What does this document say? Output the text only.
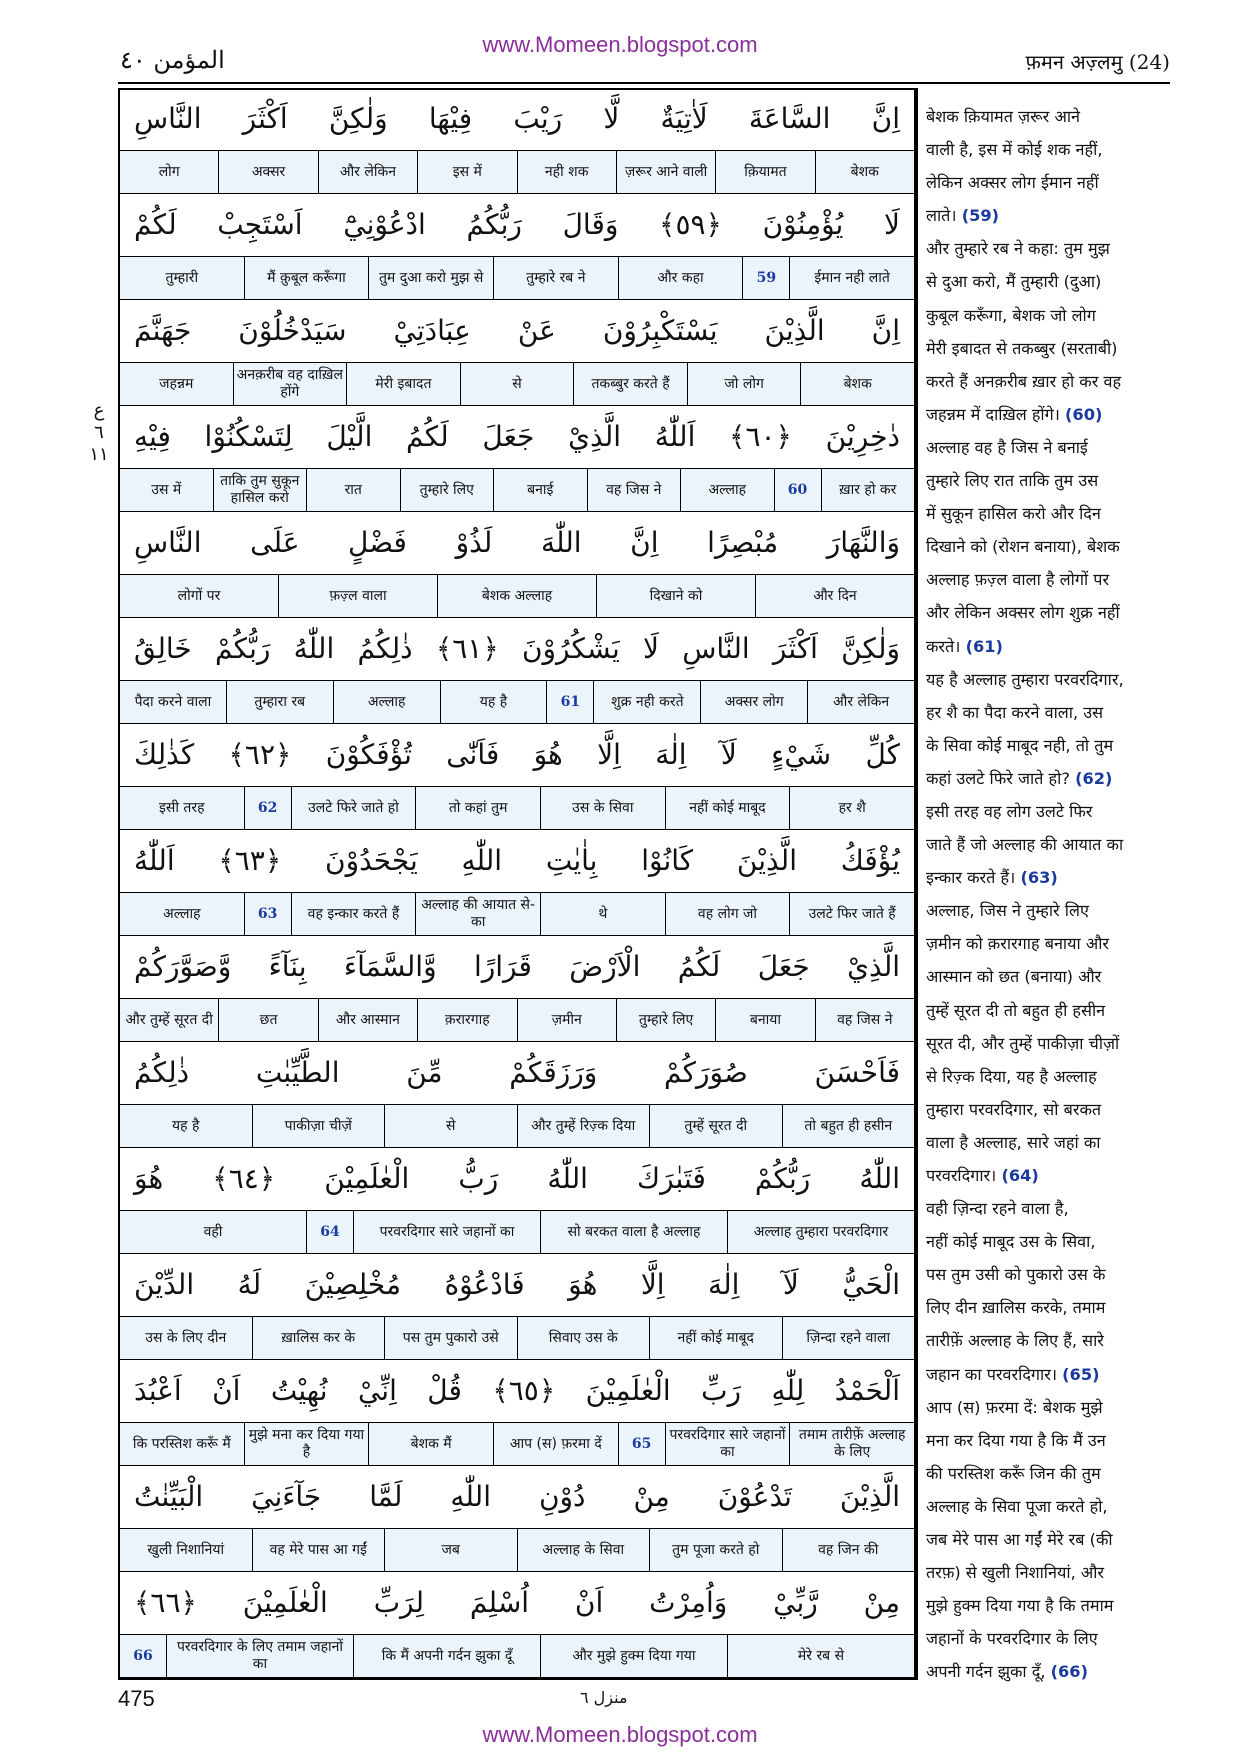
www.Momeen.blogspot.com
المؤمن ٤٠	फ़मन अज़्लमु (24)
ع
٦
١١
اِنَّ السَّاعَةَ لَاٰتِيَةٌ لَّا رَيْبَ فِيْهَا وَلٰكِنَّ اَكْثَرَ النَّاسِ
बेशक
क़ियामत
ज़रूर आने वाली
नही शक
इस में
और लेकिन
अक्सर
लोग
لَا يُؤْمِنُوْنَ ﴿٥٩﴾ وَقَالَ رَبُّكُمُ ادْعُوْنِيْٓ اَسْتَجِبْ لَكُمْ
ईमान नही लाते
59
और कहा
तुम्हारे रब ने
तुम दुआ करो मुझ से
मैं क़ुबूल करूँगा
तुम्हारी
اِنَّ الَّذِيْنَ يَسْتَكْبِرُوْنَ عَنْ عِبَادَتِيْ سَيَدْخُلُوْنَ جَهَنَّمَ
बेशक
जो लोग
तकब्बुर करते हैं
से
मेरी इबादत
अनक़रीब वह दाख़िल होंगे
जहन्नम
دٰخِرِيْنَ ﴿٦٠﴾ اَللّٰهُ الَّذِيْ جَعَلَ لَكُمُ الَّيْلَ لِتَسْكُنُوْا فِيْهِ
ख़ार हो कर
60
अल्लाह
वह जिस ने
बनाई
तुम्हारे लिए
रात
ताकि तुम सुकून हासिल करो
उस में
وَالنَّهَارَ مُبْصِرًا اِنَّ اللّٰهَ لَذُوْ فَضْلٍ عَلَى النَّاسِ
और दिन
दिखाने को
बेशक अल्लाह
फ़ज़्ल वाला
लोगों पर
وَلٰكِنَّ اَكْثَرَ النَّاسِ لَا يَشْكُرُوْنَ ﴿٦١﴾ ذٰلِكُمُ اللّٰهُ رَبُّكُمْ خَالِقُ
और लेकिन
अक्सर लोग
शुक्र नही करते
61
यह है
अल्लाह
तुम्हारा रब
पैदा करने वाला
كُلِّ شَيْءٍ لَآ اِلٰهَ اِلَّا هُوَ فَاَنّٰى تُؤْفَكُوْنَ ﴿٦٢﴾ كَذٰلِكَ
हर शै
नहीं कोई माबूद
उस के सिवा
तो कहां तुम
उलटे फिरे जाते हो
62
इसी तरह
يُؤْفَكُ الَّذِيْنَ كَانُوْا بِاٰيٰتِ اللّٰهِ يَجْحَدُوْنَ ﴿٦٣﴾ اَللّٰهُ
उलटे फिर जाते हैं
वह लोग जो
थे
अल्लाह की आयात से-का
वह इन्कार करते हैं
63
अल्लाह
الَّذِيْ جَعَلَ لَكُمُ الْاَرْضَ قَرَارًا وَّالسَّمَآءَ بِنَآءً وَّصَوَّرَكُمْ
वह जिस ने
बनाया
तुम्हारे लिए
ज़मीन
क़रारगाह
और आस्मान
छत
और तुम्हें सूरत दी
فَاَحْسَنَ صُوَرَكُمْ وَرَزَقَكُمْ مِّنَ الطَّيِّبٰتِ ذٰلِكُمُ
तो बहुत ही हसीन
तुम्हें सूरत दी
और तुम्हें रिज़्क दिया
से
पाकीज़ा चीज़ें
यह है
اللّٰهُ رَبُّكُمْ فَتَبٰرَكَ اللّٰهُ رَبُّ الْعٰلَمِيْنَ ﴿٦٤﴾ هُوَ
अल्लाह तुम्हारा परवरदिगार
सो बरकत वाला है अल्लाह
परवरदिगार सारे जहानों का
64
वही
الْحَيُّ لَآ اِلٰهَ اِلَّا هُوَ فَادْعُوْهُ مُخْلِصِيْنَ لَهُ الدِّيْنَ
ज़िन्दा रहने वाला
नहीं कोई माबूद
सिवाए उस के
पस तुम पुकारो उसे
ख़ालिस कर के
उस के लिए दीन
اَلْحَمْدُ لِلّٰهِ رَبِّ الْعٰلَمِيْنَ ﴿٦٥﴾ قُلْ اِنِّيْ نُهِيْتُ اَنْ اَعْبُدَ
तमाम तारीफ़ें अल्लाह के लिए
परवरदिगार सारे जहानों का
65
आप (स) फ़रमा दें
बेशक मैं
मुझे मना कर दिया गया है
कि परस्तिश करूँ मैं
الَّذِيْنَ تَدْعُوْنَ مِنْ دُوْنِ اللّٰهِ لَمَّا جَآءَنِيَ الْبَيِّنٰتُ
वह जिन की
तुम पूजा करते हो
अल्लाह के सिवा
जब
वह मेरे पास आ गईं
खुली निशानियां
مِنْ رَّبِّيْ وَاُمِرْتُ اَنْ اُسْلِمَ لِرَبِّ الْعٰلَمِيْنَ ﴿٦٦﴾
मेरे रब से
और मुझे हुक्म दिया गया
कि मैं अपनी गर्दन झुका दूँ
परवरदिगार के लिए तमाम जहानों का
66
बेशक क़ियामत ज़रूर आने
वाली है, इस में कोई शक नहीं,
लेकिन अक्सर लोग ईमान नहीं
लाते। (59)
और तुम्हारे रब ने कहा: तुम मुझ
से दुआ करो, मैं तुम्हारी (दुआ)
कुबूल करूँगा, बेशक जो लोग
मेरी इबादत से तकब्बुर (सरताबी)
करते हैं अनक़रीब ख़ार हो कर वह
जहन्नम में दाख़िल होंगे। (60)
अल्लाह वह है जिस ने बनाई
तुम्हारे लिए रात ताकि तुम उस
में सुकून हासिल करो और दिन
दिखाने को (रोशन बनाया), बेशक
अल्लाह फ़ज़्ल वाला है लोगों पर
और लेकिन अक्सर लोग शुक्र नहीं
करते। (61)
यह है अल्लाह तुम्हारा परवरदिगार,
हर शै का पैदा करने वाला, उस
के सिवा कोई माबूद नही, तो तुम
कहां उलटे फिरे जाते हो? (62)
इसी तरह वह लोग उलटे फिर
जाते हैं जो अल्लाह की आयात का
इन्कार करते हैं। (63)
अल्लाह, जिस ने तुम्हारे लिए
ज़मीन को क़रारगाह बनाया और
आस्मान को छत (बनाया) और
तुम्हें सूरत दी तो बहुत ही हसीन
सूरत दी, और तुम्हें पाकीज़ा चीज़ों
से रिज़्क दिया, यह है अल्लाह
तुम्हारा परवरदिगार, सो बरकत
वाला है अल्लाह, सारे जहां का
परवरदिगार। (64)
वही ज़िन्दा रहने वाला है,
नहीं कोई माबूद उस के सिवा,
पस तुम उसी को पुकारो उस के
लिए दीन ख़ालिस करके, तमाम
तारीफ़ें अल्लाह के लिए हैं, सारे
जहान का परवरदिगार। (65)
आप (स) फ़रमा दें: बेशक मुझे
मना कर दिया गया है कि मैं उन
की परस्तिश करूँ जिन की तुम
अल्लाह के सिवा पूजा करते हो,
जब मेरे पास आ गईं मेरे रब (की
तरफ़) से खुली निशानियां, और
मुझे हुक्म दिया गया है कि तमाम
जहानों के परवरदिगार के लिए
अपनी गर्दन झुका दूँ, (66)
475	منزل ٦
www.Momeen.blogspot.com
